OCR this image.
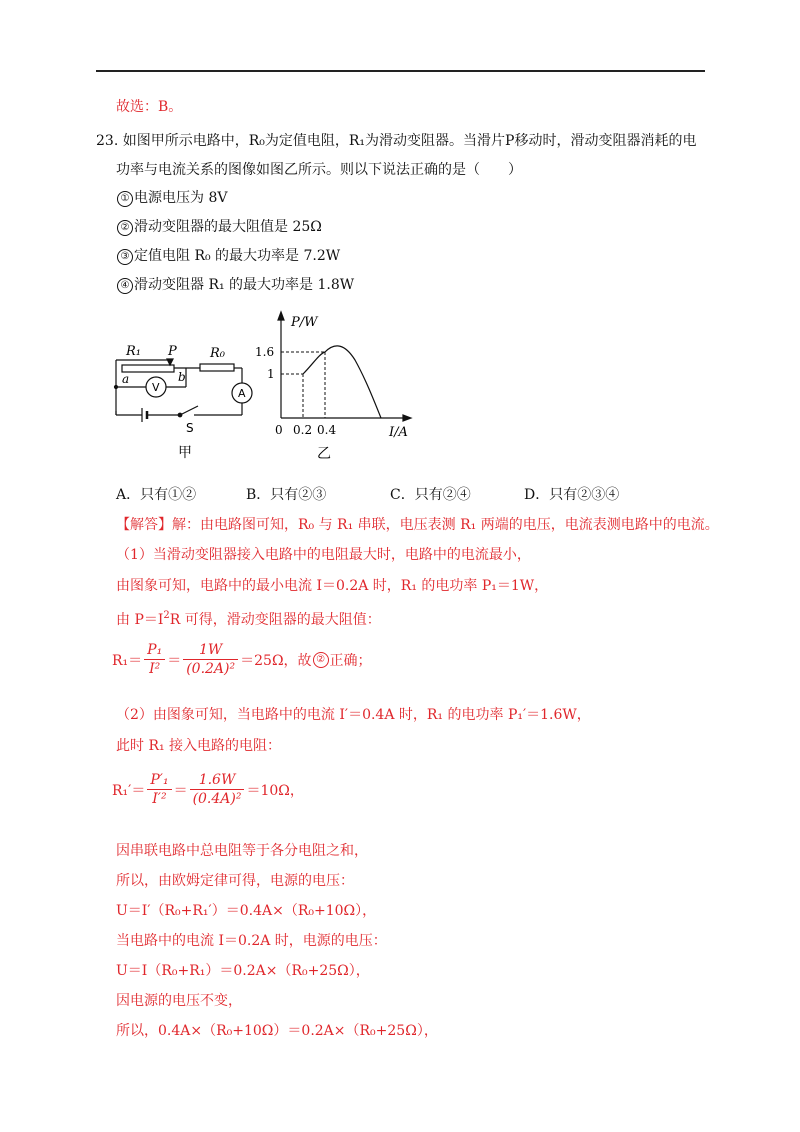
故选：B。
23. 如图甲所示电路中，R₀为定值电阻，R₁为滑动变阻器。当滑片P移动时，滑动变阻器消耗的电
功率与电流关系的图像如图乙所示。则以下说法正确的是（　　）
① 电源电压为 8V
② 滑动变阻器的最大阻值是 25Ω
③ 定值电阻 R₀ 的最大功率是 7.2W
④ 滑动变阻器 R₁ 的最大功率是 1.8W
R₁ P	R₀
a	b
V	A
S
甲
P/W
1.6
1
0 0.2 0.4	I/A
乙
A．只有①②	B．只有②③	C．只有②④	D．只有②③④
【解答】解：由电路图可知，R₀ 与 R₁ 串联，电压表测 R₁ 两端的电压，电流表测电路中的电流。
（1）当滑动变阻器接入电路中的电阻最大时，电路中的电流最小，
由图象可知，电路中的最小电流 I＝0.2A 时，R₁ 的电功率 P₁＝1W，
由 $P=I^2R$ 可得，滑动变阻器的最大阻值：
$R_1= \frac{\text{P₁}}{\text{I²}} = \frac{1W}{\text{(0.2A)²}} =25\Omega$，故 ② 正确；
（2）由图象可知，当电路中的电流 I′＝0.4A 时，R₁ 的电功率 P₁′＝1.6W，
此时 R₁ 接入电路的电阻：
$R_1'= \frac{\text{P′₁}}{\text{I′²}} = \frac{1.6W}{\text{(0.4A)²}} =10\Omega$，
因串联电路中总电阻等于各分电阻之和，
所以，由欧姆定律可得，电源的电压：
U＝I′（R₀+R₁′）＝0.4A×（R₀+10Ω），
当电路中的电流 I＝0.2A 时，电源的电压：
U＝I（R₀+R₁）＝0.2A×（R₀+25Ω），
因电源的电压不变，
所以，0.4A×（R₀+10Ω）＝0.2A×（R₀+25Ω），
